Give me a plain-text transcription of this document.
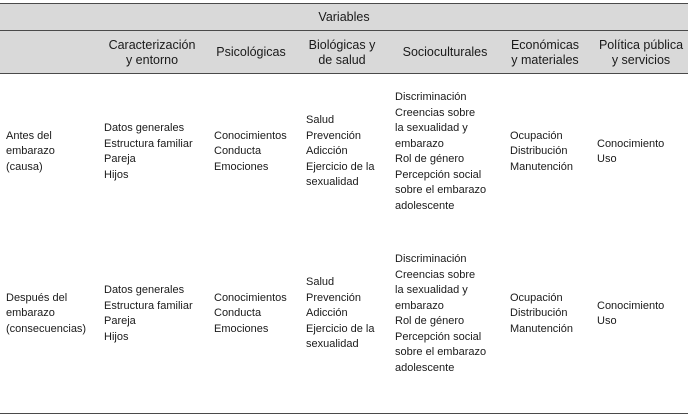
Variables
Caracterización
y entorno
Psicológicas
Biológicas y
de salud
Socioculturales
Económicas
y materiales
Política pública
y servicios
Antes del
embarazo
(causa)
Datos generales
Estructura familiar
Pareja
Hijos
Conocimientos
Conducta
Emociones
Salud
Prevención
Adicción
Ejercicio de la
sexualidad
Discriminación
Creencias sobre
la sexualidad y
embarazo
Rol de género
Percepción social
sobre el embarazo
adolescente
Ocupación
Distribución
Manutención
Conocimiento
Uso
Después del
embarazo
(consecuencias)
Datos generales
Estructura familiar
Pareja
Hijos
Conocimientos
Conducta
Emociones
Salud
Prevención
Adicción
Ejercicio de la
sexualidad
Discriminación
Creencias sobre
la sexualidad y
embarazo
Rol de género
Percepción social
sobre el embarazo
adolescente
Ocupación
Distribución
Manutención
Conocimiento
Uso
